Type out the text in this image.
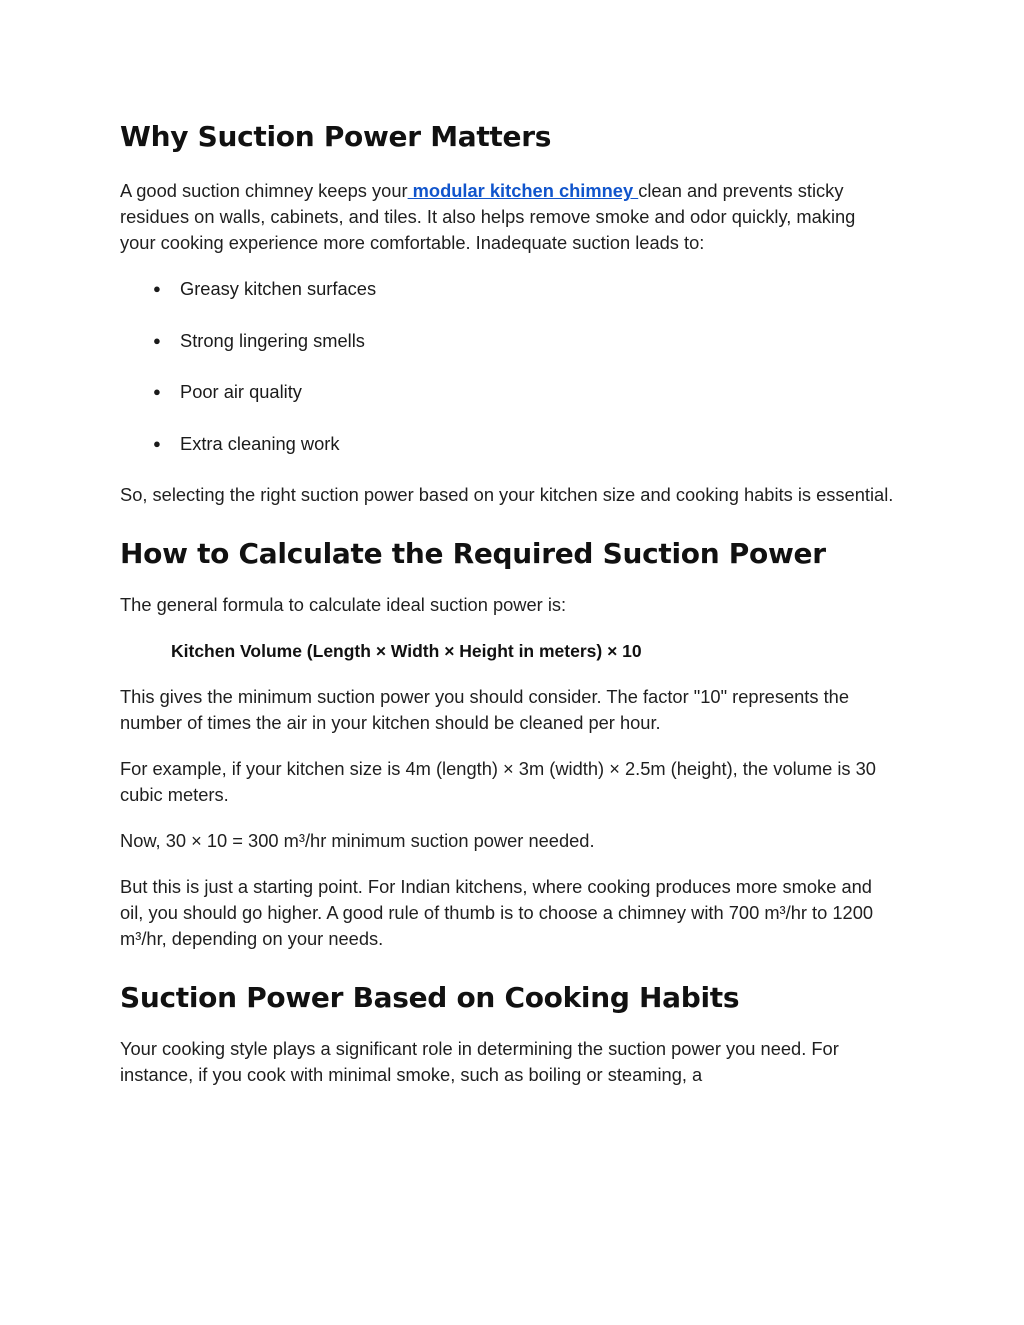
Why Suction Power Matters

A good suction chimney keeps your modular kitchen chimney clean and prevents sticky residues on walls, cabinets, and tiles. It also helps remove smoke and odor quickly, making your cooking experience more comfortable. Inadequate suction leads to:

● Greasy kitchen surfaces
● Strong lingering smells
● Poor air quality
● Extra cleaning work

So, selecting the right suction power based on your kitchen size and cooking habits is essential.

How to Calculate the Required Suction Power

The general formula to calculate ideal suction power is:

Kitchen Volume (Length × Width × Height in meters) × 10

This gives the minimum suction power you should consider. The factor "10" represents the number of times the air in your kitchen should be cleaned per hour.

For example, if your kitchen size is 4m (length) × 3m (width) × 2.5m (height), the volume is 30 cubic meters.

Now, 30 × 10 = 300 m³/hr minimum suction power needed.

But this is just a starting point. For Indian kitchens, where cooking produces more smoke and oil, you should go higher. A good rule of thumb is to choose a chimney with 700 m³/hr to 1200 m³/hr, depending on your needs.

Suction Power Based on Cooking Habits

Your cooking style plays a significant role in determining the suction power you need. For instance, if you cook with minimal smoke, such as boiling or steaming, a
